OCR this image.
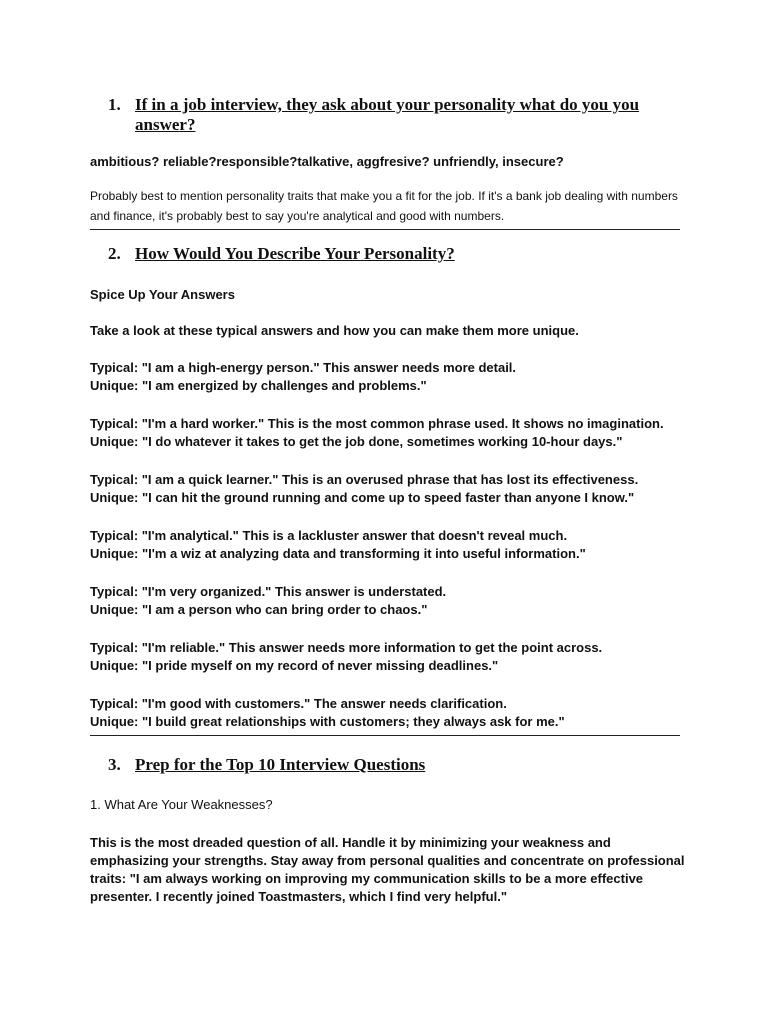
1. If in a job interview, they ask about your personality what do you you answer?

ambitious? reliable?responsible?talkative, aggfresive? unfriendly, insecure?

Probably best to mention personality traits that make you a fit for the job. If it's a bank job dealing with numbers and finance, it's probably best to say you're analytical and good with numbers.

2. How Would You Describe Your Personality?

Spice Up Your Answers

Take a look at these typical answers and how you can make them more unique.

Typical: "I am a high-energy person." This answer needs more detail.
Unique: "I am energized by challenges and problems."
Typical: "I'm a hard worker." This is the most common phrase used. It shows no imagination.
Unique: "I do whatever it takes to get the job done, sometimes working 10-hour days."
Typical: "I am a quick learner." This is an overused phrase that has lost its effectiveness.
Unique: "I can hit the ground running and come up to speed faster than anyone I know."
Typical: "I'm analytical." This is a lackluster answer that doesn't reveal much.
Unique: "I'm a wiz at analyzing data and transforming it into useful information."
Typical: "I'm very organized." This answer is understated.
Unique: "I am a person who can bring order to chaos."
Typical: "I'm reliable." This answer needs more information to get the point across.
Unique: "I pride myself on my record of never missing deadlines."
Typical: "I'm good with customers." The answer needs clarification.
Unique: "I build great relationships with customers; they always ask for me."
3. Prep for the Top 10 Interview Questions

1. What Are Your Weaknesses?

This is the most dreaded question of all. Handle it by minimizing your weakness and emphasizing your strengths. Stay away from personal qualities and concentrate on professional traits: "I am always working on improving my communication skills to be a more effective presenter. I recently joined Toastmasters, which I find very helpful."
